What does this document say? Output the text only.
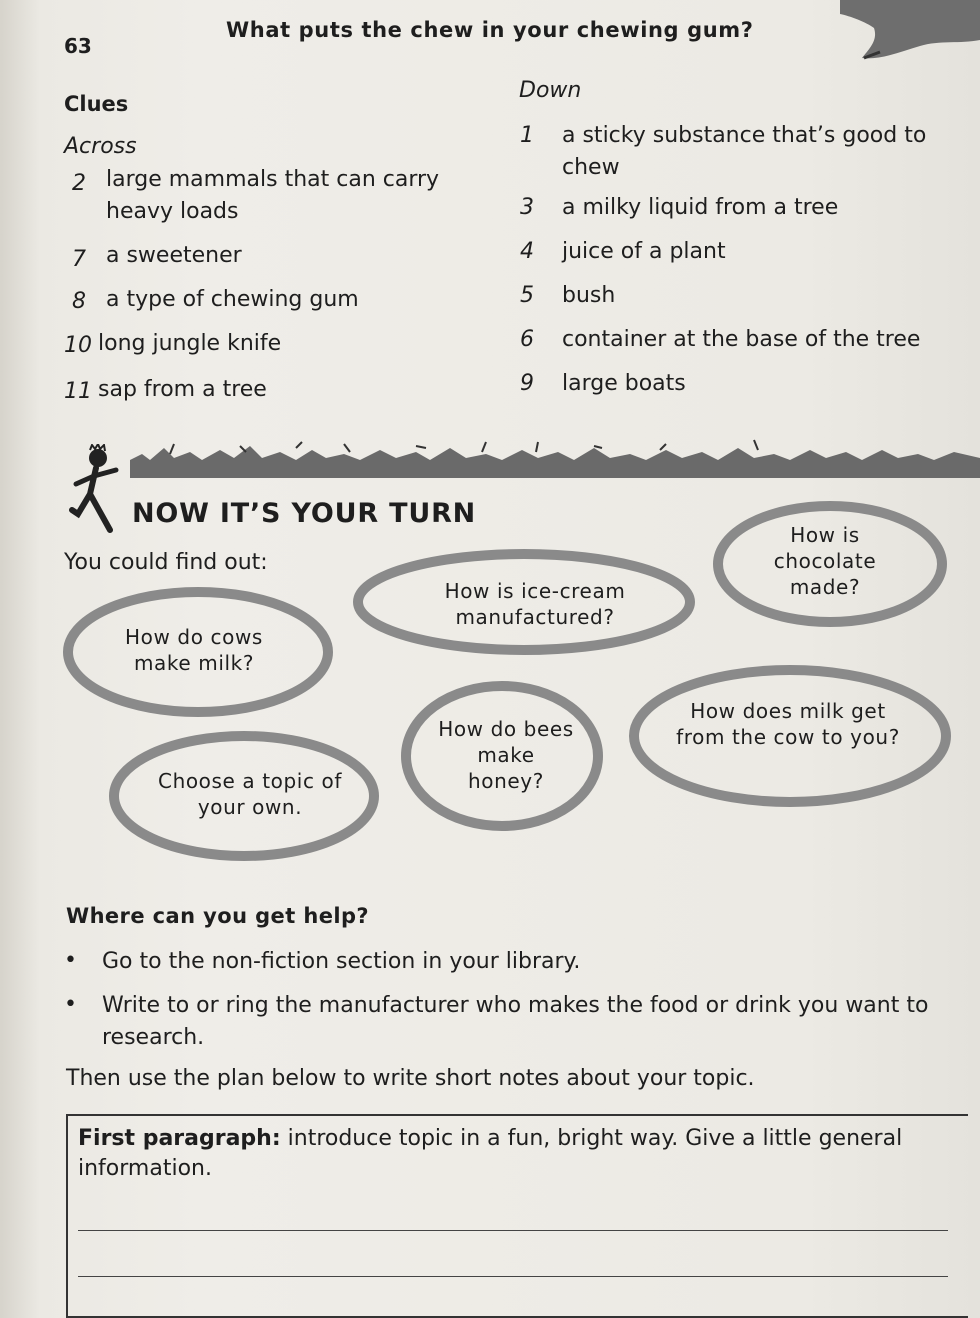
63
What puts the chew in your chewing gum?
Clues
Across
Down
2 large mammals that can carry heavy loads
7 a sweetener
8 a type of chewing gum
10 long jungle knife
11 sap from a tree
1 a sticky substance that’s good to chew
3 a milky liquid from a tree
4 juice of a plant
5 bush
6 container at the base of the tree
9 large boats
NOW IT’S YOUR TURN
You could find out:
How is chocolate made?
How is ice-cream manufactured?
How do cows make milk?
How do bees make honey?
How does milk get from the cow to you?
Choose a topic of your own.
Where can you get help?
• Go to the non-fiction section in your library.
• Write to or ring the manufacturer who makes the food or drink you want to research.
Then use the plan below to write short notes about your topic.
First paragraph: introduce topic in a fun, bright way. Give a little general information.
